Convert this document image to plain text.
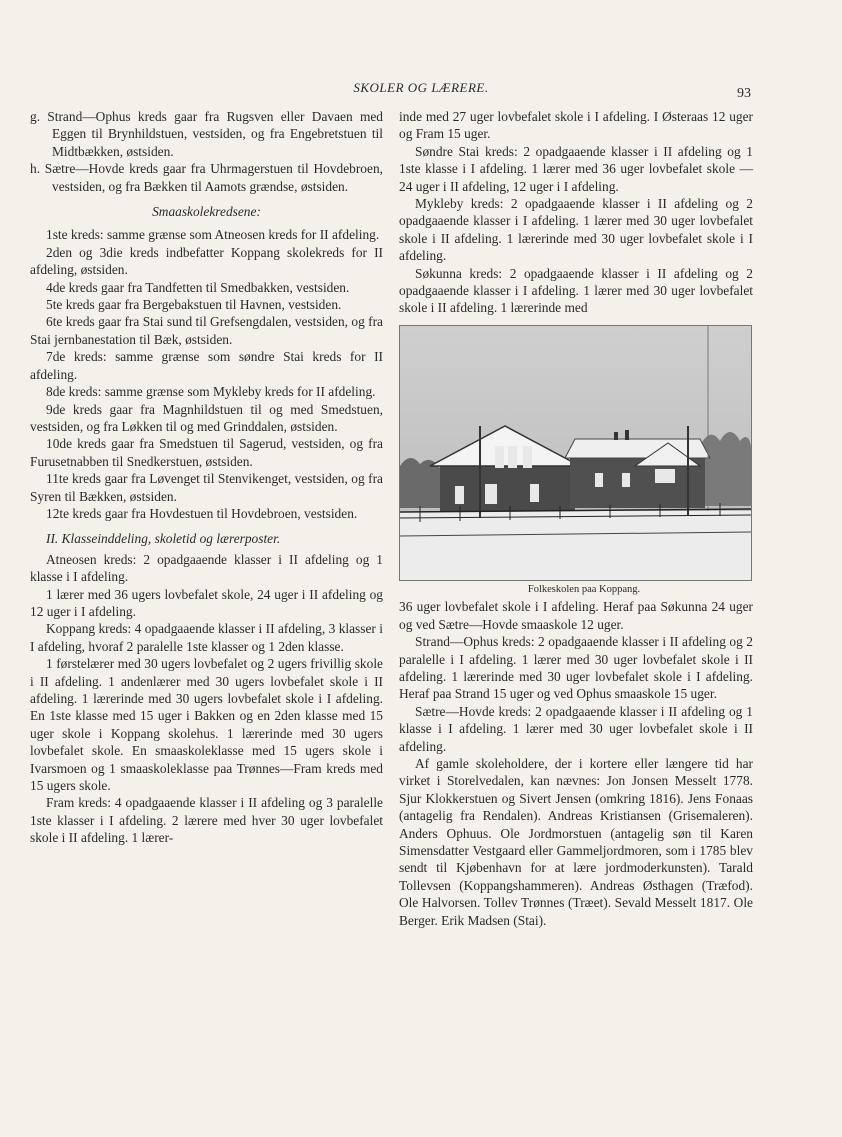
SKOLER OG LÆRERE.	93

g. Strand—Ophus kreds gaar fra Rugsven eller Davaen med Eggen til Brynhildstuen, vestsiden, og fra Engebretstuen til Midtbækken, østsiden.

h. Sætre—Hovde kreds gaar fra Uhrmagerstuen til Hovdebroen, vestsiden, og fra Bækken til Aamots grændse, østsiden.

Smaaskolekredsene:

1ste kreds: samme grænse som Atneosen kreds for II afdeling.

2den og 3die kreds indbefatter Koppang skolekreds for II afdeling, østsiden.

4de kreds gaar fra Tandfetten til Smedbakken, vestsiden.

5te kreds gaar fra Bergebakstuen til Havnen, vestsiden.

6te kreds gaar fra Stai sund til Grefsengdalen, vestsiden, og fra Stai jernbanestation til Bæk, østsiden.

7de kreds: samme grænse som søndre Stai kreds for II afdeling.

8de kreds: samme grænse som Mykleby kreds for II afdeling.

9de kreds gaar fra Magnhildstuen til og med Smedstuen, vestsiden, og fra Løkken til og med Grinddalen, østsiden.

10de kreds gaar fra Smedstuen til Sagerud, vestsiden, og fra Furusetnabben til Snedkerstuen, østsiden.

11te kreds gaar fra Løvenget til Stenvikenget, vestsiden, og fra Syren til Bækken, østsiden.

12te kreds gaar fra Hovdestuen til Hovdebroen, vestsiden.

II. Klasseinddeling, skoletid og lærerposter.

Atneosen kreds: 2 opadgaaende klasser i II afdeling og 1 klasse i I afdeling.

1 lærer med 36 ugers lovbefalet skole, 24 uger i II afdeling og 12 uger i I afdeling.

Koppang kreds: 4 opadgaaende klasser i II afdeling, 3 klasser i I afdeling, hvoraf 2 paralelle 1ste klasser og 1 2den klasse.

1 førstelærer med 30 ugers lovbefalet og 2 ugers frivillig skole i II afdeling. 1 andenlærer med 30 ugers lovbefalet skole i II afdeling. 1 lærerinde med 30 ugers lovbefalet skole i I afdeling. En 1ste klasse med 15 uger i Bakken og en 2den klasse med 15 uger skole i Koppang skolehus. 1 lærerinde med 30 ugers lovbefalet skole. En smaaskoleklasse med 15 ugers skole i Ivarsmoen og 1 smaaskoleklasse paa Trønnes—Fram kreds med 15 ugers skole.

Fram kreds: 4 opadgaaende klasser i II afdeling og 3 paralelle 1ste klasser i I afdeling. 2 lærere med hver 30 uger lovbefalet skole i II afdeling. 1 lærer-

inde med 27 uger lovbefalet skole i I afdeling. I Østeraas 12 uger og Fram 15 uger.

Søndre Stai kreds: 2 opadgaaende klasser i II afdeling og 1 1ste klasse i I afdeling. 1 lærer med 36 uger lovbefalet skole — 24 uger i II afdeling, 12 uger i I afdeling.

Mykleby kreds: 2 opadgaaende klasser i II afdeling og 2 opadgaaende klasser i I afdeling. 1 lærer med 30 uger lovbefalet skole i II afdeling. 1 lærerinde med 30 uger lovbefalet skole i I afdeling.

Søkunna kreds: 2 opadgaaende klasser i II afdeling og 2 opadgaaende klasser i I afdeling. 1 lærer med 30 uger lovbefalet skole i II afdeling. 1 lærerinde med

Folkeskolen paa Koppang.

36 uger lovbefalet skole i I afdeling. Heraf paa Søkunna 24 uger og ved Sætre—Hovde smaaskole 12 uger.

Strand—Ophus kreds: 2 opadgaaende klasser i II afdeling og 2 paralelle i I afdeling. 1 lærer med 30 uger lovbefalet skole i II afdeling. 1 lærerinde med 30 uger lovbefalet skole i I afdeling. Heraf paa Strand 15 uger og ved Ophus smaaskole 15 uger.

Sætre—Hovde kreds: 2 opadgaaende klasser i II afdeling og 1 klasse i I afdeling. 1 lærer med 30 uger lovbefalet skole i II afdeling.

Af gamle skoleholdere, der i kortere eller længere tid har virket i Storelvedalen, kan nævnes: Jon Jonsen Messelt 1778. Sjur Klokkerstuen og Sivert Jensen (omkring 1816). Jens Fonaas (antagelig fra Rendalen). Andreas Kristiansen (Grisemaleren). Anders Ophuus. Ole Jordmorstuen (antagelig søn til Karen Simensdatter Vestgaard eller Gammeljordmoren, som i 1785 blev sendt til Kjøbenhavn for at lære jordmoderkunsten). Tarald Tollevsen (Koppangshammeren). Andreas Østhagen (Træfod). Ole Halvorsen. Tollev Trønnes (Træet). Sevald Messelt 1817. Ole Berger. Erik Madsen (Stai).
